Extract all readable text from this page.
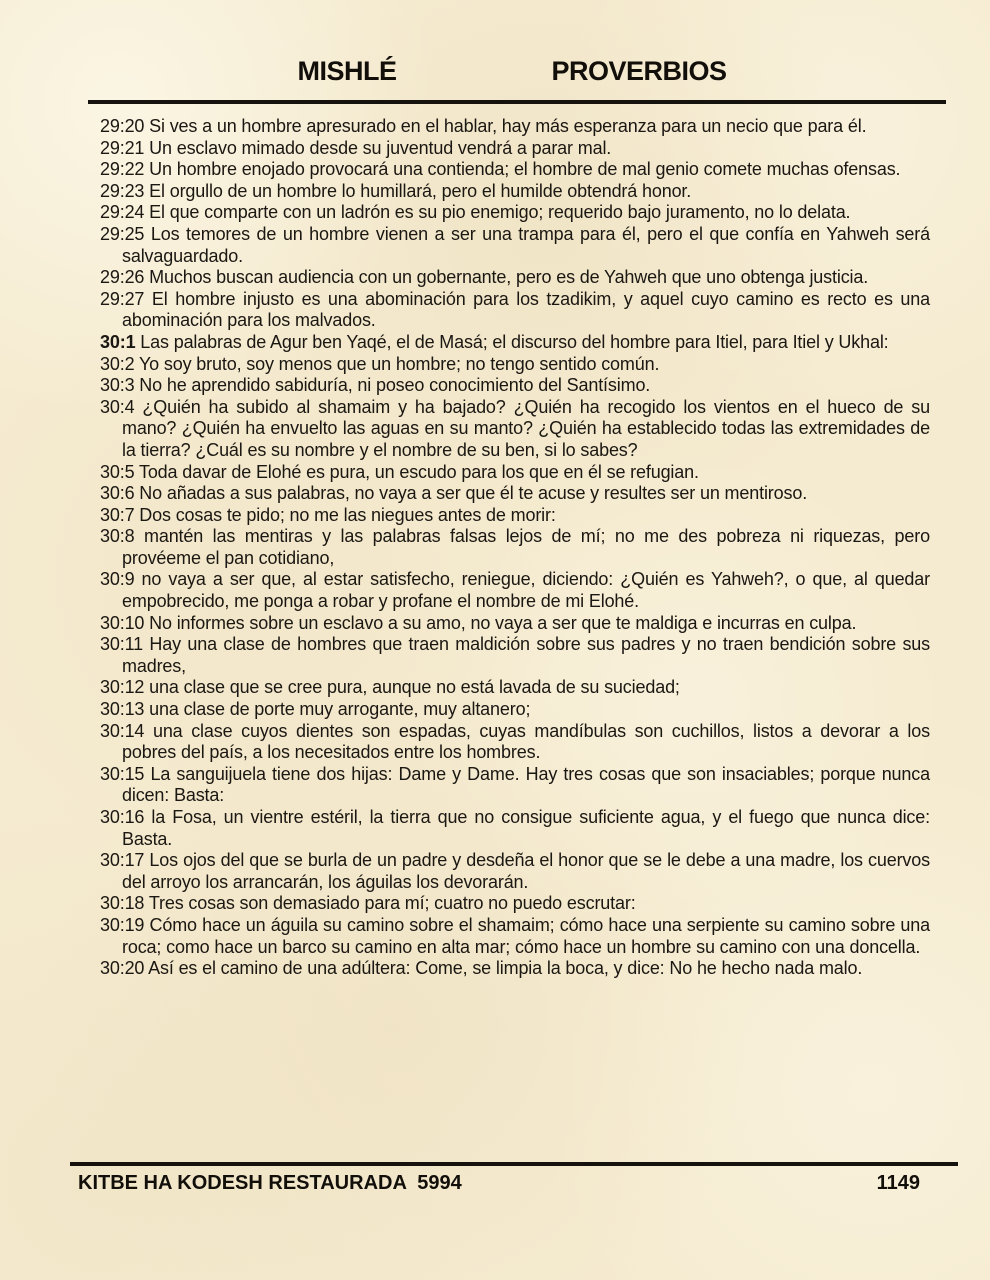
MISHLÉ	PROVERBIOS

29:20 Si ves a un hombre apresurado en el hablar, hay más esperanza para un necio que para él.

29:21 Un esclavo mimado desde su juventud vendrá a parar mal.

29:22 Un hombre enojado provocará una contienda; el hombre de mal genio comete muchas ofensas.

29:23 El orgullo de un hombre lo humillará, pero el humilde obtendrá honor.

29:24 El que comparte con un ladrón es su pio enemigo; requerido bajo juramento, no lo delata.

29:25 Los temores de un hombre vienen a ser una trampa para él, pero el que confía en Yahweh será salvaguardado.

29:26 Muchos buscan audiencia con un gobernante, pero es de Yahweh que uno obtenga justicia.

29:27 El hombre injusto es una abominación para los tzadikim, y aquel cuyo camino es recto es una abominación para los malvados.

30:1 Las palabras de Agur ben Yaqé, el de Masá; el discurso del hombre para Itiel, para Itiel y Ukhal:

30:2 Yo soy bruto, soy menos que un hombre; no tengo sentido común.

30:3 No he aprendido sabiduría, ni poseo conocimiento del Santísimo.

30:4 ¿Quién ha subido al shamaim y ha bajado? ¿Quién ha recogido los vientos en el hueco de su mano? ¿Quién ha envuelto las aguas en su manto? ¿Quién ha establecido todas las extremidades de la tierra? ¿Cuál es su nombre y el nombre de su ben, si lo sabes?

30:5 Toda davar de Elohé es pura, un escudo para los que en él se refugian.

30:6 No añadas a sus palabras, no vaya a ser que él te acuse y resultes ser un mentiroso.

30:7 Dos cosas te pido; no me las niegues antes de morir:

30:8 mantén las mentiras y las palabras falsas lejos de mí; no me des pobreza ni riquezas, pero provéeme el pan cotidiano,

30:9 no vaya a ser que, al estar satisfecho, reniegue, diciendo: ¿Quién es Yahweh?, o que, al quedar empobrecido, me ponga a robar y profane el nombre de mi Elohé.

30:10 No informes sobre un esclavo a su amo, no vaya a ser que te maldiga e incurras en culpa.

30:11 Hay una clase de hombres que traen maldición sobre sus padres y no traen bendición sobre sus madres,

30:12 una clase que se cree pura, aunque no está lavada de su suciedad;

30:13 una clase de porte muy arrogante, muy altanero;

30:14 una clase cuyos dientes son espadas, cuyas mandíbulas son cuchillos, listos a devorar a los pobres del país, a los necesitados entre los hombres.

30:15 La sanguijuela tiene dos hijas: Dame y Dame. Hay tres cosas que son insaciables; porque nunca dicen: Basta:

30:16 la Fosa, un vientre estéril, la tierra que no consigue suficiente agua, y el fuego que nunca dice: Basta.

30:17 Los ojos del que se burla de un padre y desdeña el honor que se le debe a una madre, los cuervos del arroyo los arrancarán, los águilas los devorarán.

30:18 Tres cosas son demasiado para mí; cuatro no puedo escrutar:

30:19 Cómo hace un águila su camino sobre el shamaim; cómo hace una serpiente su camino sobre una roca; como hace un barco su camino en alta mar; cómo hace un hombre su camino con una doncella.

30:20 Así es el camino de una adúltera: Come, se limpia la boca, y dice: No he hecho nada malo.

KITBE HA KODESH RESTAURADA  5994	1149
